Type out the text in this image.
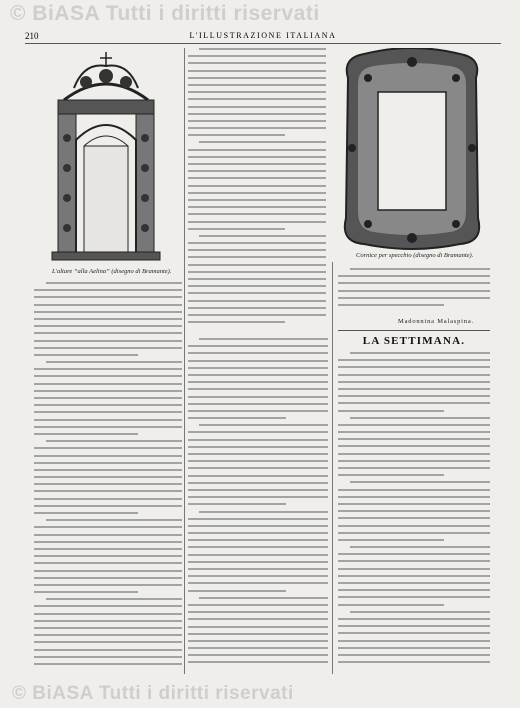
© BiASA Tutti i diritti riservati
210	L'ILLUSTRAZIONE ITALIANA
L'altare “alla Aelina” (disegno di Bramante).
Cornice per specchio (disegno di Bramante).
Madonnina Malaspina.
LA SETTIMANA.
© BiASA Tutti i diritti riservati
